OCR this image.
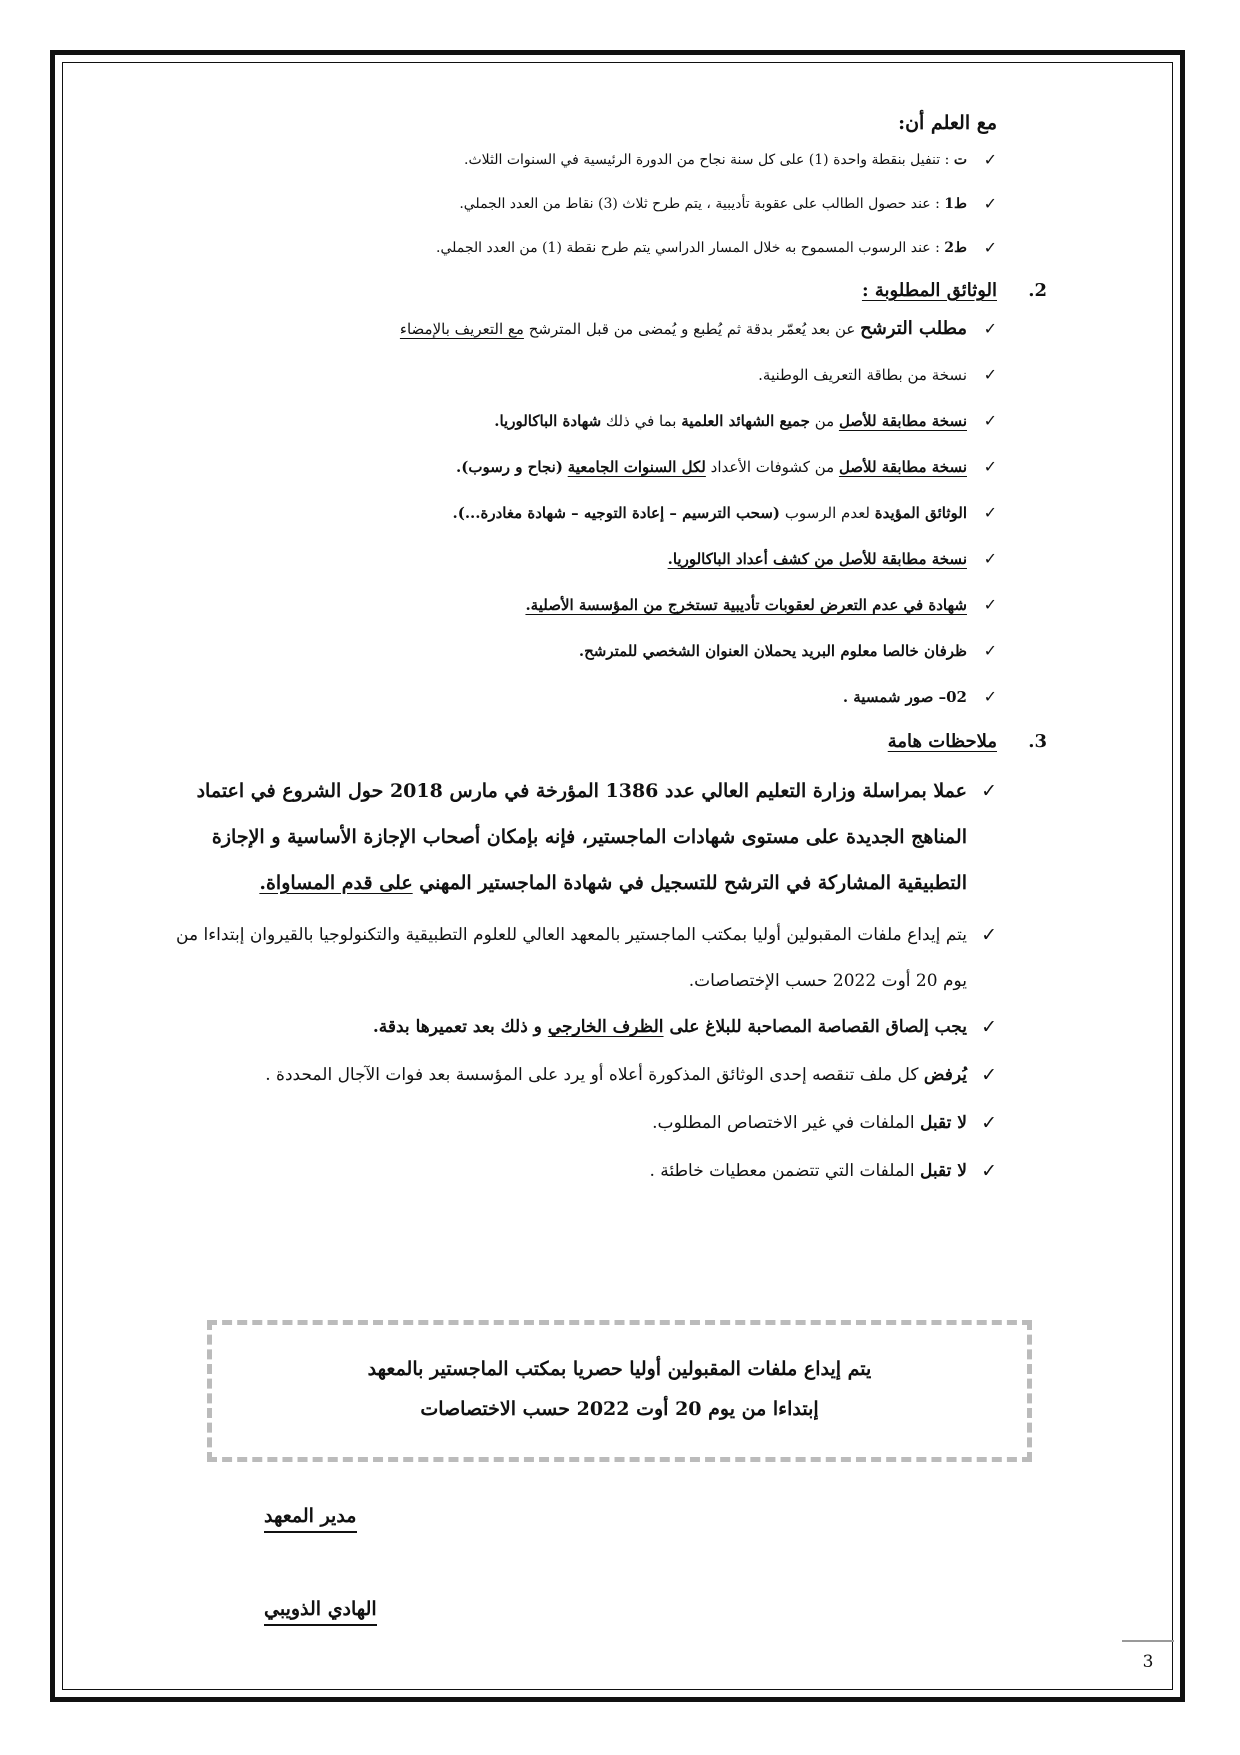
مع العلم أن:
✓
ت : تنفيل بنقطة واحدة (1) على كل سنة نجاح من الدورة الرئيسية في السنوات الثلاث.
✓
ط1 : عند حصول الطالب على عقوبة تأديبية ، يتم طرح ثلاث (3) نقاط من العدد الجملي.
✓
ط2 : عند الرسوب المسموح به خلال المسار الدراسي يتم طرح نقطة (1) من العدد الجملي.
2.الوثائق المطلوبة :
✓
مطلب الترشح عن بعد يُعمّر بدقة ثم يُطبع و يُمضى من قبل المترشح مع التعريف بالإمضاء
✓
نسخة من بطاقة التعريف الوطنية.
✓
نسخة مطابقة للأصل من جميع الشهائد العلمية بما في ذلك شهادة الباكالوريا.
✓
نسخة مطابقة للأصل من كشوفات الأعداد لكل السنوات الجامعية (نجاح و رسوب).
✓
الوثائق المؤيدة لعدم الرسوب (سحب الترسيم – إعادة التوجيه – شهادة مغادرة...).
✓
نسخة مطابقة للأصل من كشف أعداد الباكالوريا.
✓
شهادة في عدم التعرض لعقوبات تأديبية تستخرج من المؤسسة الأصلية.
✓
ظرفان خالصا معلوم البريد يحملان العنوان الشخصي للمترشح.
✓
02– صور شمسية .
3.ملاحظات هامة
✓
عملا بمراسلة وزارة التعليم العالي عدد 1386 المؤرخة في مارس 2018 حول الشروع في اعتماد المناهج الجديدة على مستوى شهادات الماجستير، فإنه بإمكان أصحاب الإجازة الأساسية و الإجازة التطبيقية المشاركة في الترشح للتسجيل في شهادة الماجستير المهني على قدم المساواة.
✓
يتم إيداع ملفات المقبولين أوليا بمكتب الماجستير بالمعهد العالي للعلوم التطبيقية والتكنولوجيا بالقيروان إبتداءا من يوم 20 أوت 2022 حسب الإختصاصات.
✓
يجب إلصاق القصاصة المصاحبة للبلاغ على الظرف الخارجي و ذلك بعد تعميرها بدقة.
✓
يُرفض كل ملف تنقصه إحدى الوثائق المذكورة أعلاه أو يرد على المؤسسة بعد فوات الآجال المحددة .
✓
لا تقبل الملفات في غير الاختصاص المطلوب.
✓
لا تقبل الملفات التي تتضمن معطيات خاطئة .
يتم إيداع ملفات المقبولين أوليا حصريا بمكتب الماجستير بالمعهد
إبتداءا من يوم 20 أوت 2022 حسب الاختصاصات
مدير المعهد
الهادي الذويبي
3
